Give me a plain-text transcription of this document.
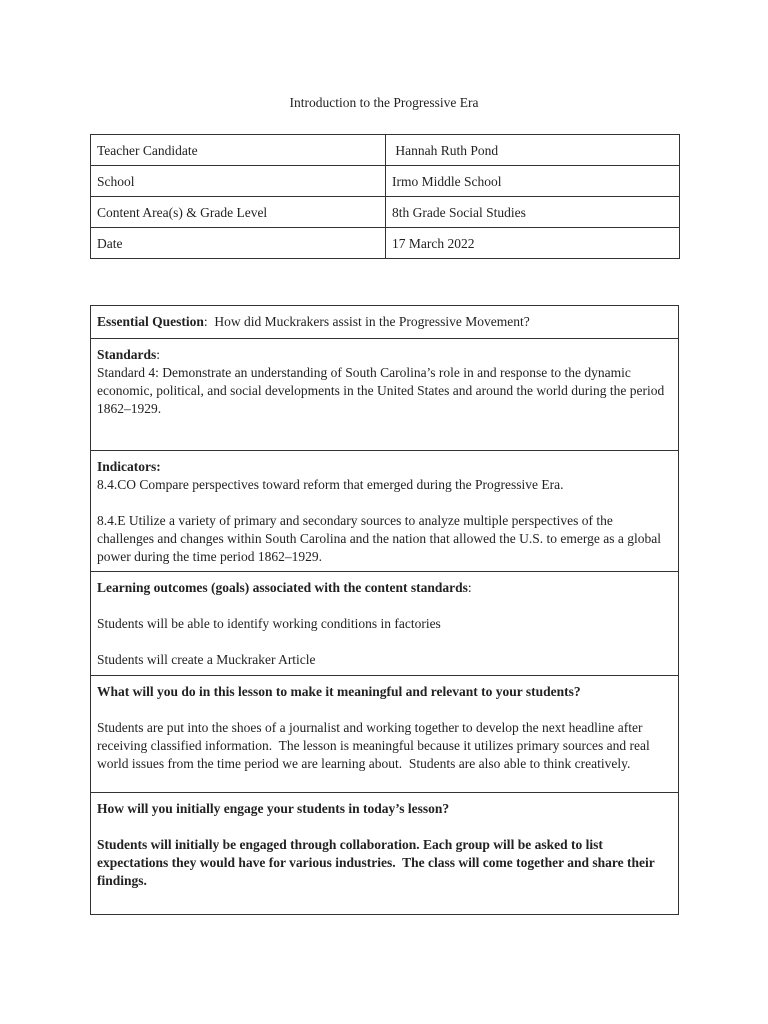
Introduction to the Progressive Era
Teacher Candidate	Hannah Ruth Pond
School	Irmo Middle School
Content Area(s) & Grade Level	8th Grade Social Studies
Date	17 March 2022
Essential Question:  How did Muckrakers assist in the Progressive Movement?
Standards:
Standard 4: Demonstrate an understanding of South Carolina’s role in and response to the dynamic economic, political, and social developments in the United States and around the world during the period 1862–1929.

Indicators:
8.4.CO Compare perspectives toward reform that emerged during the Progressive Era.
8.4.E Utilize a variety of primary and secondary sources to analyze multiple perspectives of the challenges and changes within South Carolina and the nation that allowed the U.S. to emerge as a global power during the time period 1862–1929.

Learning outcomes (goals) associated with the content standards:
Students will be able to identify working conditions in factories
Students will create a Muckraker Article

What will you do in this lesson to make it meaningful and relevant to your students?
Students are put into the shoes of a journalist and working together to develop the next headline after receiving classified information.  The lesson is meaningful because it utilizes primary sources and real world issues from the time period we are learning about.  Students are also able to think creatively.

How will you initially engage your students in today’s lesson?
Students will initially be engaged through collaboration. Each group will be asked to list expectations they would have for various industries.  The class will come together and share their findings.
